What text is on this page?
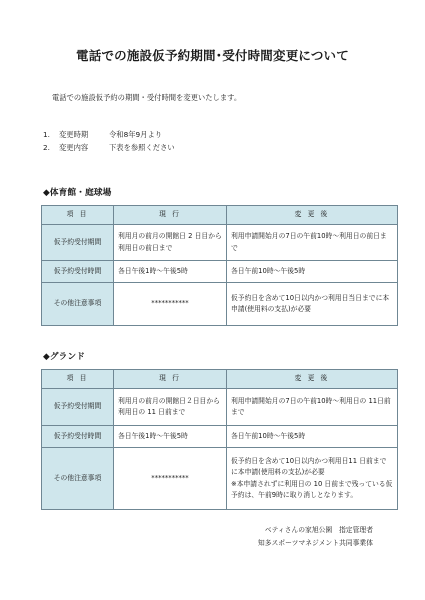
電話での施設仮予約期間･受付時間変更について
電話での施設仮予約の期間・受付時間を変更いたします。
1.	変更時期	令和8年9月より
2.	変更内容	下表を参照ください
◆体育館・庭球場
項 目	現 行	変 更 後
仮予約受付期間	利用月の前月の開館日 2 日目から利用日の前日まで	利用申請開始月の7日の午前10時～利用日の前日まで
仮予約受付時間	各日午後1時～午後5時	各日午前10時～午後5時
その他注意事項	***********	仮予約日を含めて10日以内かつ利用日当日までに本申請(使用料の支払)が必要
◆グランド
項 目	現 行	変 更 後
仮予約受付期間	利用月の前月の開館日２日目から利用日の 11 日前まで	利用申請開始月の7日の午前10時～利用日の 11日前まで
仮予約受付時間	各日午後1時～午後5時	各日午前10時～午後5時
その他注意事項	***********	仮予約日を含めて10日以内かつ利用日11 日前までに本申請(使用料の支払)が必要
※本申請されずに利用日の 10 日前まで残っている仮予約は、午前9時に取り消しとなります。
ベティさんの家旭公園　指定管理者
知多スポーツマネジメント共同事業体
